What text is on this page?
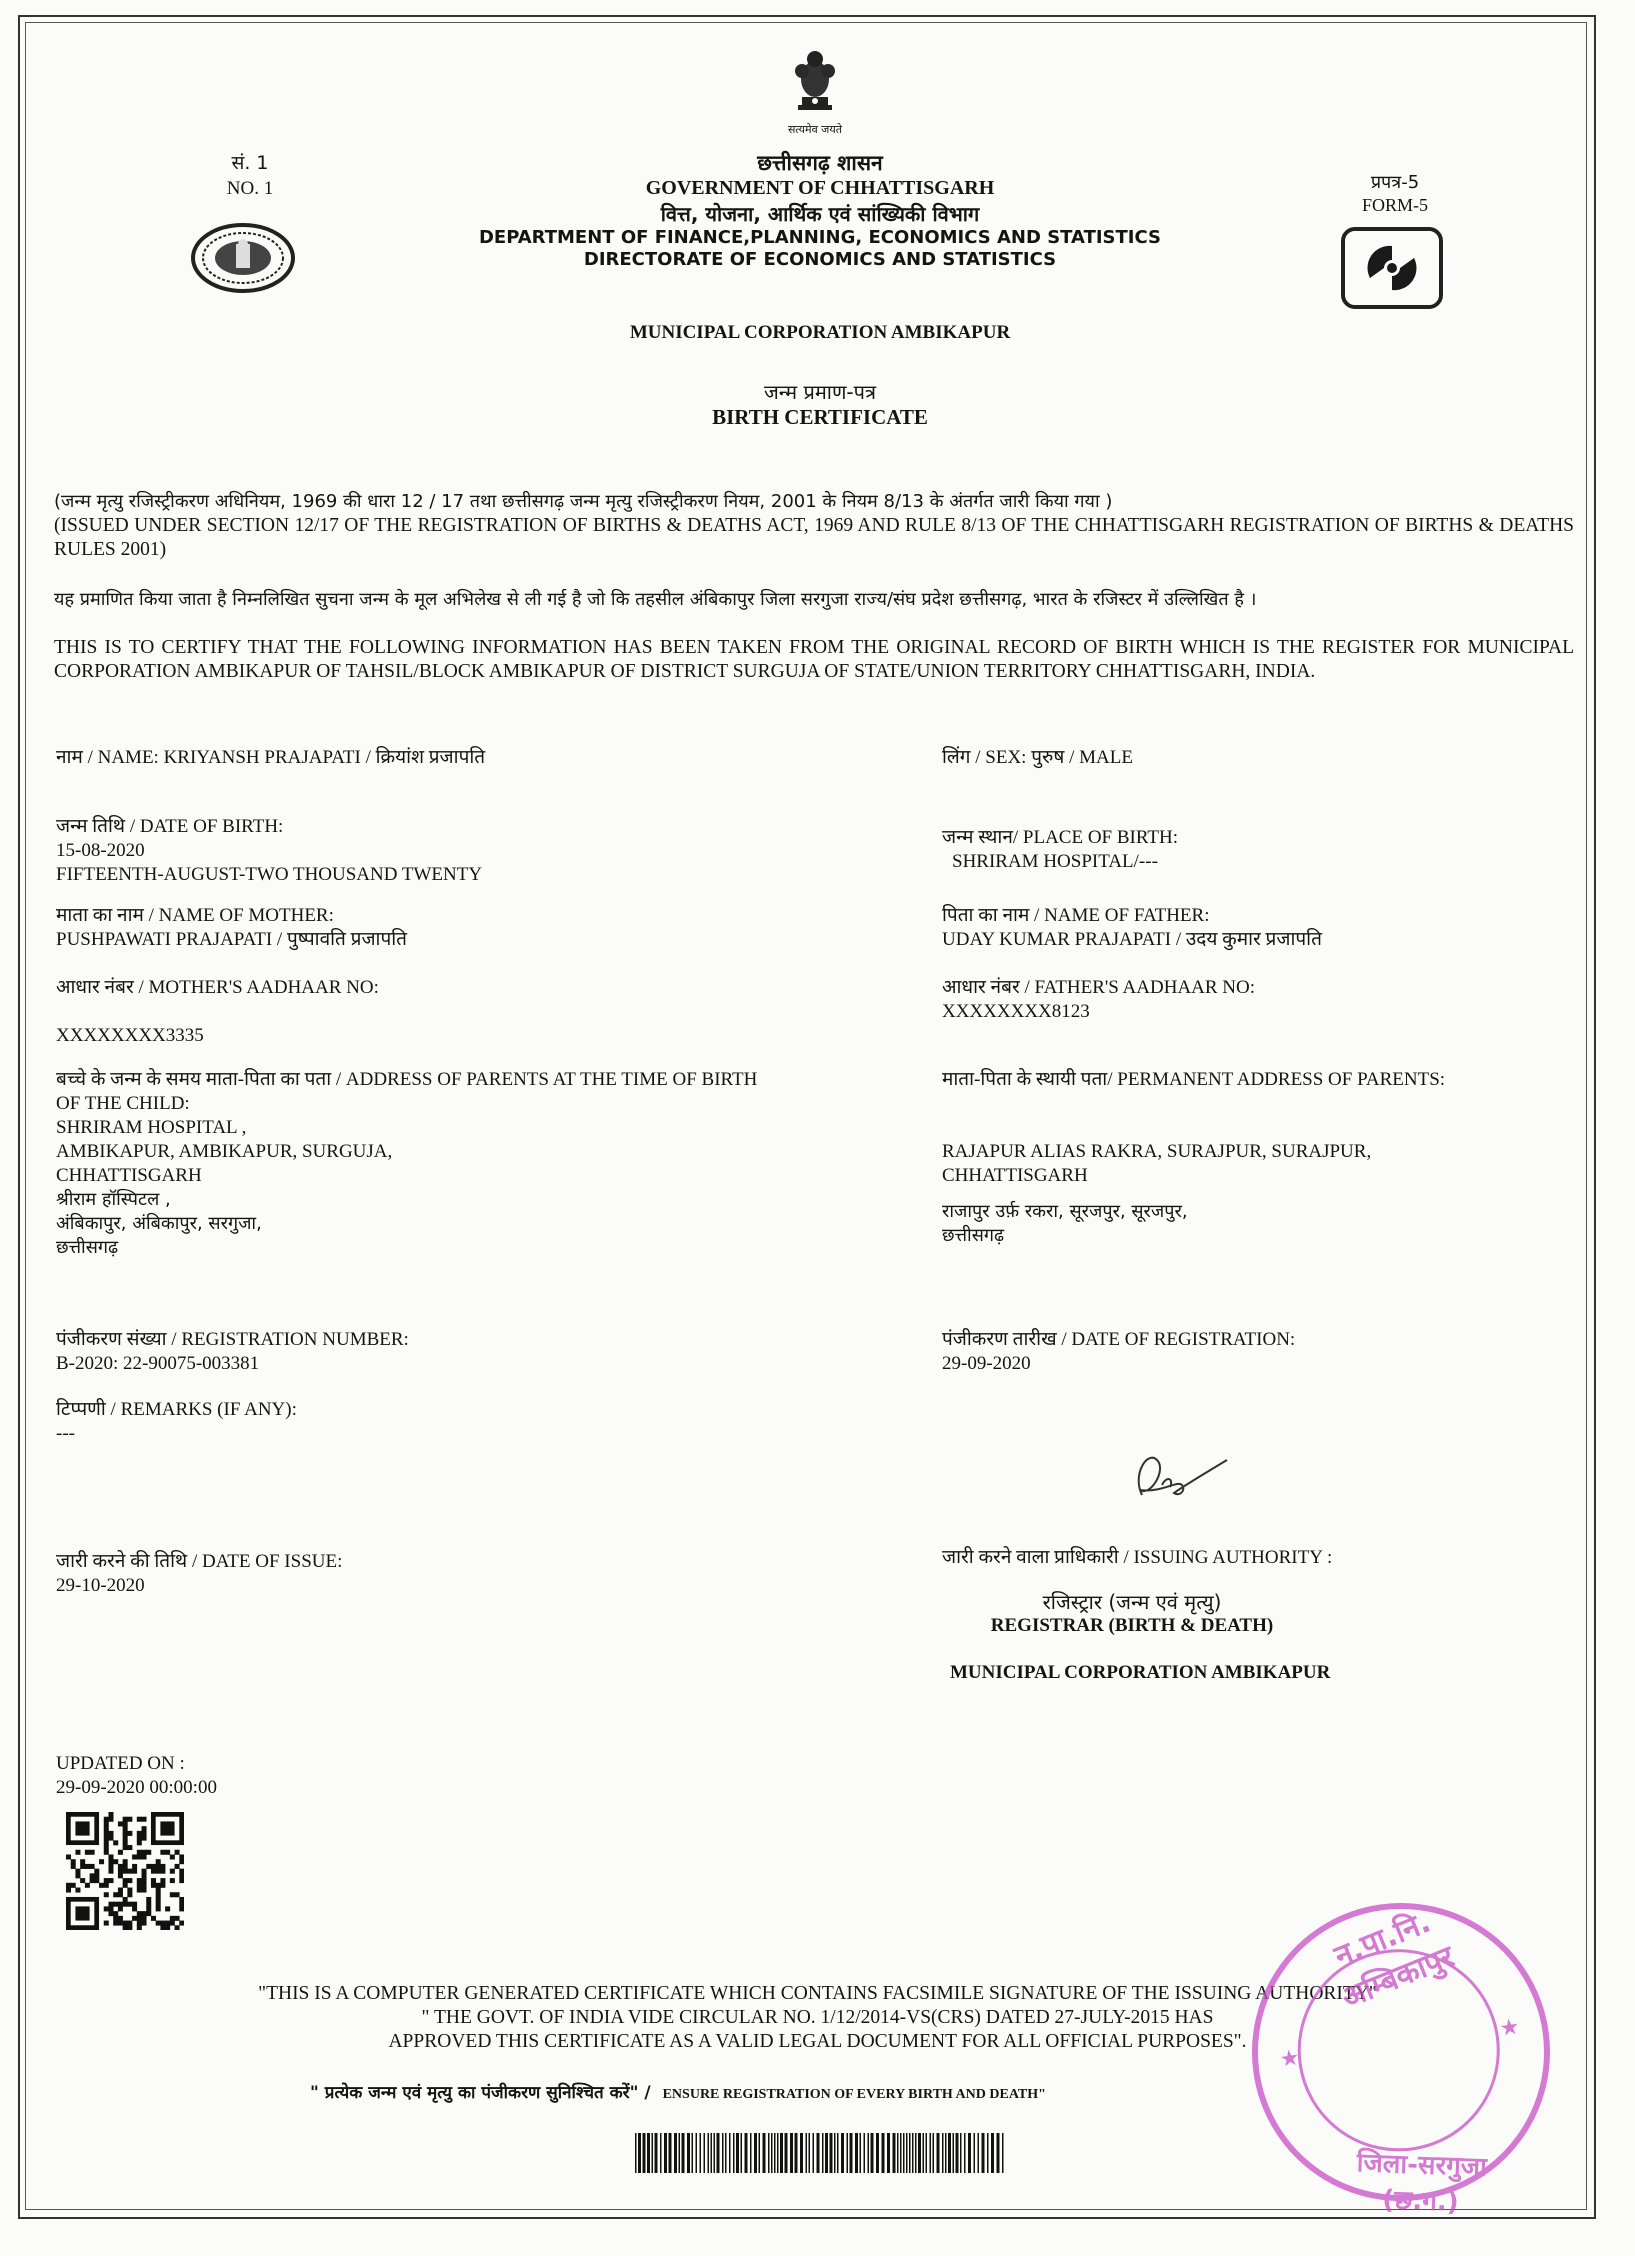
सत्यमेव जयते
सं. 1
NO. 1	प्रपत्र-5
FORM-5
छत्तीसगढ़ शासन
GOVERNMENT OF CHHATTISGARH
वित्त, योजना, आर्थिक एवं सांख्यिकी विभाग
DEPARTMENT OF FINANCE,PLANNING, ECONOMICS AND STATISTICS
DIRECTORATE OF ECONOMICS AND STATISTICS
MUNICIPAL CORPORATION AMBIKAPUR
जन्म प्रमाण-पत्र
BIRTH CERTIFICATE
(जन्म मृत्यु रजिस्ट्रीकरण अधिनियम, 1969 की धारा 12 / 17 तथा छत्तीसगढ़ जन्म मृत्यु रजिस्ट्रीकरण नियम, 2001 के नियम 8/13 के अंतर्गत जारी किया गया )
(ISSUED UNDER SECTION 12/17 OF THE REGISTRATION OF BIRTHS & DEATHS ACT, 1969 AND RULE 8/13 OF THE CHHATTISGARH REGISTRATION OF BIRTHS & DEATHS RULES 2001)
यह प्रमाणित किया जाता है निम्नलिखित सुचना जन्म के मूल अभिलेख से ली गई है जो कि तहसील अंबिकापुर जिला सरगुजा राज्य/संघ प्रदेश छत्तीसगढ़, भारत के रजिस्टर में उल्लिखित है ।
THIS IS TO CERTIFY THAT THE FOLLOWING INFORMATION HAS BEEN TAKEN FROM THE ORIGINAL RECORD OF BIRTH WHICH IS THE REGISTER FOR MUNICIPAL CORPORATION AMBIKAPUR OF TAHSIL/BLOCK AMBIKAPUR OF DISTRICT SURGUJA OF STATE/UNION TERRITORY CHHATTISGARH, INDIA.
नाम / NAME: KRIYANSH PRAJAPATI / क्रियांश प्रजापति
जन्म तिथि / DATE OF BIRTH:
15-08-2020
FIFTEENTH-AUGUST-TWO THOUSAND TWENTY
माता का नाम / NAME OF MOTHER:
PUSHPAWATI PRAJAPATI / पुष्पावति प्रजापति
आधार नंबर / MOTHER'S AADHAAR NO:
XXXXXXXX3335
बच्चे के जन्म के समय माता-पिता का पता / ADDRESS OF PARENTS AT THE TIME OF BIRTH
OF THE CHILD:
SHRIRAM HOSPITAL ,
AMBIKAPUR, AMBIKAPUR, SURGUJA,
CHHATTISGARH
श्रीराम हॉस्पिटल ,
अंबिकापुर, अंबिकापुर, सरगुजा,
छत्तीसगढ़
पंजीकरण संख्या / REGISTRATION NUMBER:
B-2020: 22-90075-003381
टिप्पणी / REMARKS (IF ANY):
---
जारी करने की तिथि / DATE OF ISSUE:
29-10-2020
UPDATED ON :
29-09-2020 00:00:00
लिंग / SEX: पुरुष / MALE
जन्म स्थान/ PLACE OF BIRTH:
SHRIRAM HOSPITAL/---
पिता का नाम / NAME OF FATHER:
UDAY KUMAR PRAJAPATI / उदय कुमार प्रजापति
आधार नंबर / FATHER'S AADHAAR NO:
XXXXXXXX8123
माता-पिता के स्थायी पता/ PERMANENT ADDRESS OF PARENTS:
RAJAPUR ALIAS RAKRA, SURAJPUR, SURAJPUR,
CHHATTISGARH
राजापुर उर्फ़ रकरा, सूरजपुर, सूरजपुर,
छत्तीसगढ़
पंजीकरण तारीख / DATE OF REGISTRATION:
29-09-2020
जारी करने वाला प्राधिकारी / ISSUING AUTHORITY :
रजिस्ट्रार (जन्म एवं मृत्यु)
REGISTRAR (BIRTH & DEATH)
MUNICIPAL CORPORATION AMBIKAPUR
"THIS IS A COMPUTER GENERATED CERTIFICATE WHICH CONTAINS FACSIMILE SIGNATURE OF THE ISSUING AUTHORITY"
" THE GOVT. OF INDIA VIDE CIRCULAR NO. 1/12/2014-VS(CRS) DATED 27-JULY-2015 HAS
APPROVED THIS CERTIFICATE AS A VALID LEGAL DOCUMENT FOR ALL OFFICIAL PURPOSES".
" प्रत्येक जन्म एवं मृत्यु का पंजीकरण सुनिश्चित करें" / ENSURE REGISTRATION OF EVERY BIRTH AND DEATH"
न.पा.नि. अम्बिकापुर
जिला-सरगुजा (छ.ग.)
★
★
